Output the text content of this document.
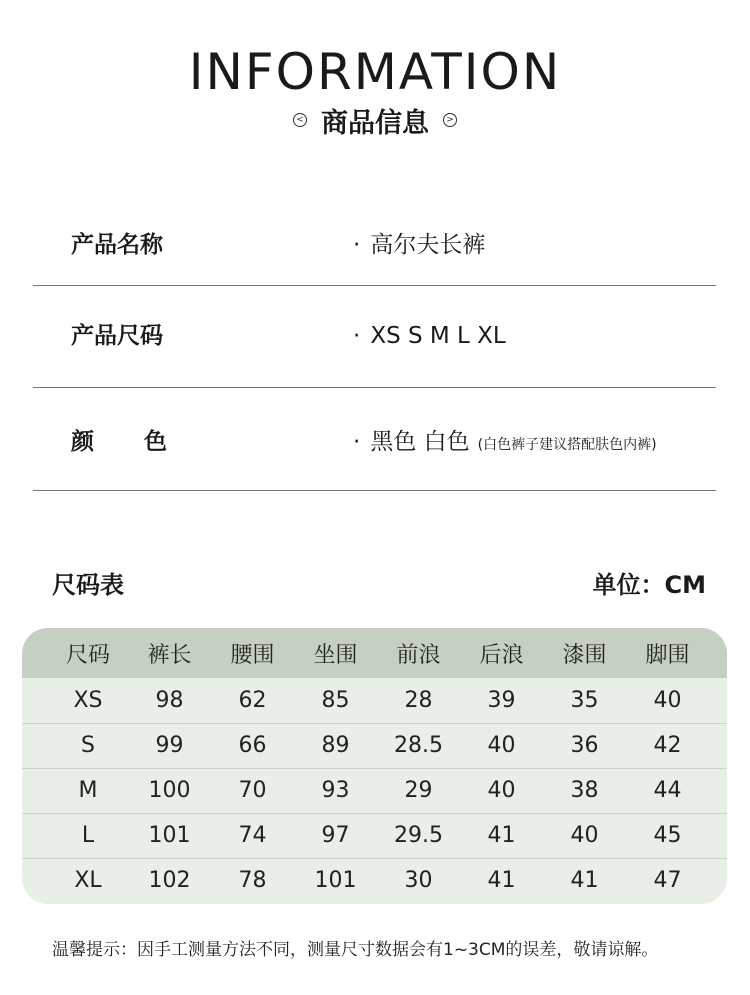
INFORMATION
< 商品信息	>
产品名称	· 高尔夫长裤
产品尺码	· XS S M L XL
颜色	· 黑色 白色 (白色裤子建议搭配肤色内裤)
尺码表	单位：CM
尺码	裤长	腰围	坐围	前浪	后浪	漆围	脚围
XS	98	62	85	28	39	35	40
S	99	66	89	28.5	40	36	42
M	100	70	93	29	40	38	44
L	101	74	97	29.5	41	40	45
XL	102	78	101	30	41	41	47
温馨提示：因手工测量方法不同，测量尺寸数据会有1~3CM的误差，敬请谅解。
